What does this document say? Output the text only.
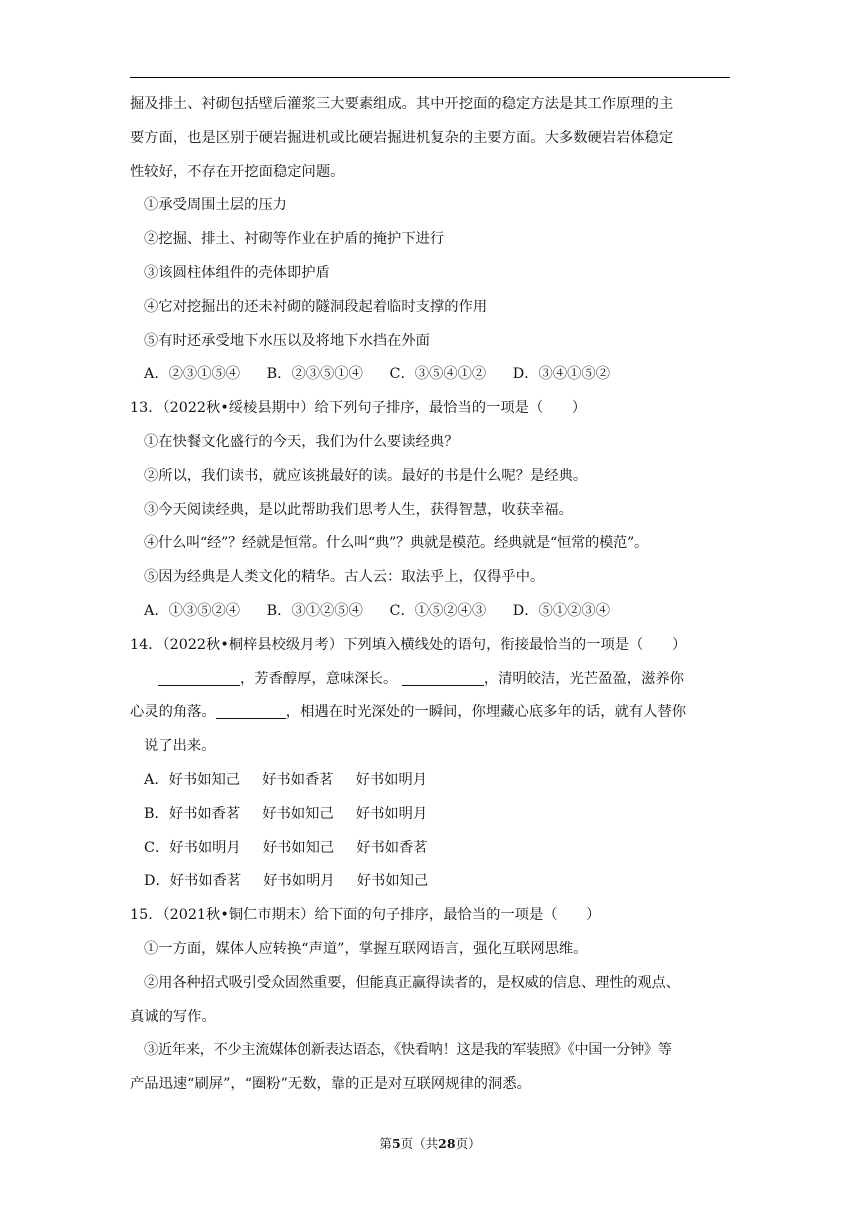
掘及排土、衬砌包括壁后灌浆三大要素组成。其中开挖面的稳定方法是其工作原理的主
要方面，也是区别于硬岩掘进机或比硬岩掘进机复杂的主要方面。大多数硬岩岩体稳定
性较好，不存在开挖面稳定问题。
①承受周围土层的压力
②挖掘、排土、衬砌等作业在护盾的掩护下进行
③该圆柱体组件的壳体即护盾
④它对挖掘出的还未衬砌的隧洞段起着临时支撑的作用
⑤有时还承受地下水压以及将地下水挡在外面
A．②③①⑤④ B．②③⑤①④ C．③⑤④①② D．③④①⑤②
13．（2022秋•绥棱县期中）给下列句子排序，最恰当的一项是（　　）
①在快餐文化盛行的今天，我们为什么要读经典？
②所以，我们读书，就应该挑最好的读。最好的书是什么呢？是经典。
③今天阅读经典，是以此帮助我们思考人生，获得智慧，收获幸福。
④什么叫“经”？经就是恒常。什么叫“典”？典就是模范。经典就是“恒常的模范”。
⑤因为经典是人类文化的精华。古人云：取法乎上，仅得乎中。
A．①③⑤②④ B．③①②⑤④ C．①⑤②④③ D．⑤①②③④
14．（2022秋•桐梓县校级月考）下列填入横线处的语句，衔接最恰当的一项是（　　）
，芳香醇厚，意味深长。	，清明皎洁，光芒盈盈，滋养你
心灵的角落。	，相遇在时光深处的一瞬间，你埋藏心底多年的话，就有人替你
说了出来。
A．好书如知己 好书如香茗 好书如明月
B．好书如香茗 好书如知己 好书如明月
C．好书如明月 好书如知己 好书如香茗
D．好书如香茗 好书如明月 好书如知己
15．（2021秋•铜仁市期末）给下面的句子排序，最恰当的一项是（　　）
①一方面，媒体人应转换“声道”，掌握互联网语言，强化互联网思维。
②用各种招式吸引受众固然重要，但能真正赢得读者的，是权威的信息、理性的观点、
真诚的写作。
③近年来，不少主流媒体创新表达语态，《快看呐！这是我的军装照》《中国一分钟》等
产品迅速“刷屏”，“圈粉”无数，靠的正是对互联网规律的洞悉。
第5页（共28页）
